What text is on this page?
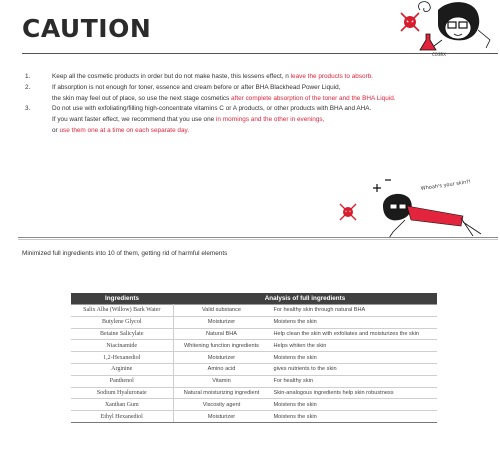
CAUTION
COSRX
1.	Keep all the cosmetic products in order but do not make haste, this lessens effect, n leave the products to absorb.
2.	If absorption is not enough for toner, essence and cream before or after BHA Blackhead Power Liquid,
the skin may feel out of place, so use the next stage cosmetics after complete absorption of the toner and the BHA Liquid.
3.	Do not use with exfoliating/filling high-concentrate vitamins C or A products, or other products with BHA and AHA.
If you want faster effect, we recommend that you use one in mornings and the other in evenings,
or use them one at a time on each separate day.
Whoah's your skin?!
Minimized full ingredients into 10 of them, getting rid of harmful elements
Ingredients	Analysis of full ingredients	
Salix Alba (Willow) Bark Water	Valid substance	For healthy skin through natural BHA
Butylene Glycol	Moisturizer	Moistens the skin
Betaine Salicylate	Natural BHA	Help clean the skin with exfoliates and moisturizes the skin
Niacinamide	Whitening function ingredients	Helps whiten the skin
1,2-Hexanediol	Moisturizer	Moistens the skin
Arginine	Amino acid	gives nutrients to the skin
Panthenol	Vitamin	For healthy skin
Sodium Hyaluronate	Natural moisturizing ingredient	Skin-analogous ingredients help skin robustness
Xanthan Gum	Viscosity agent	Moistens the skin
Ethyl Hexanediol	Moisturizer	Moistens the skin
